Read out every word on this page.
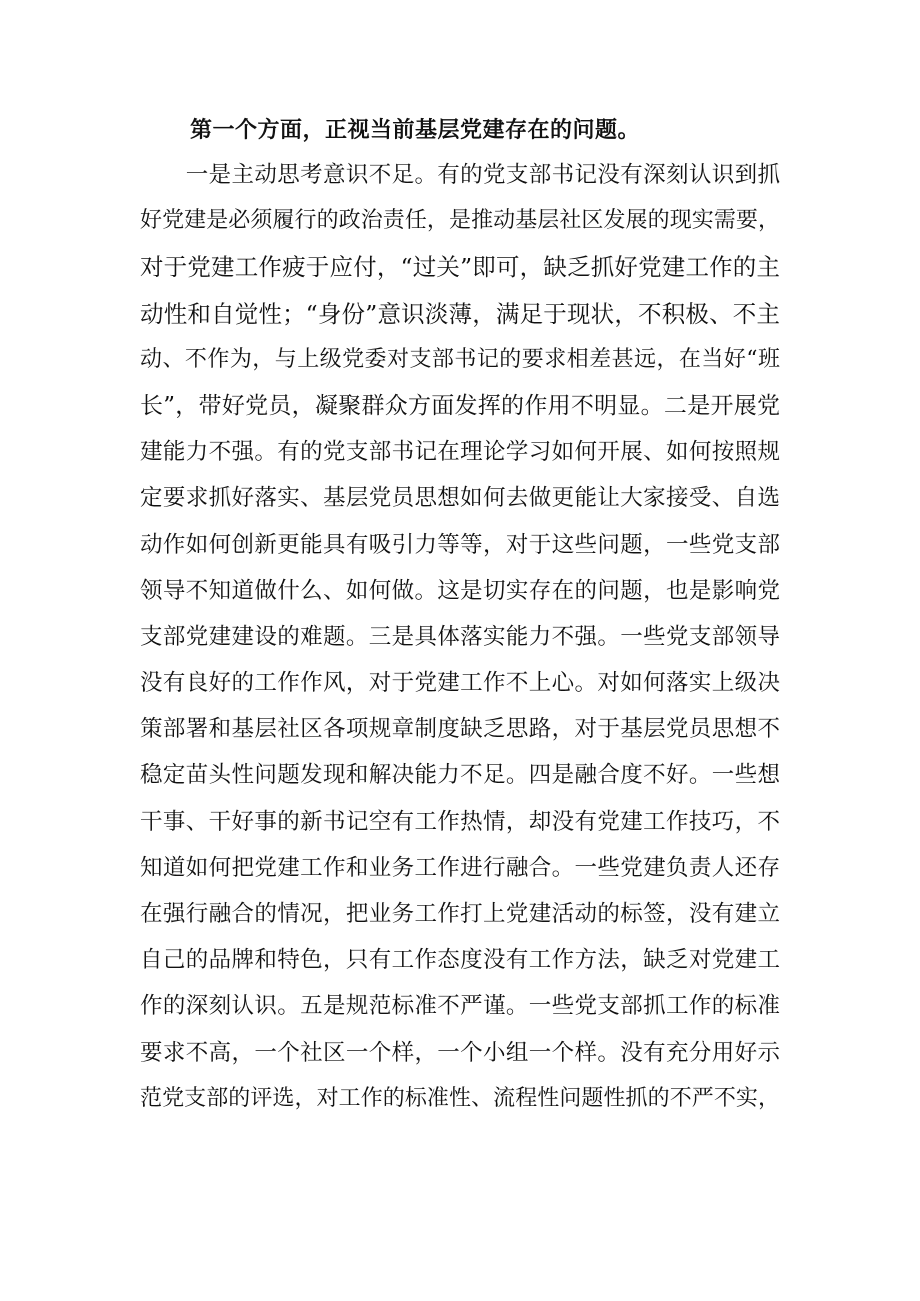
第一个方面，正视当前基层党建存在的问题。
　　一是主动思考意识不足。有的党支部书记没有深刻认识到抓
好党建是必须履行的政治责任，是推动基层社区发展的现实需要，
对于党建工作疲于应付，“过关”即可，缺乏抓好党建工作的主
动性和自觉性；“身份”意识淡薄，满足于现状，不积极、不主
动、不作为，与上级党委对支部书记的要求相差甚远，在当好“班
长”，带好党员，凝聚群众方面发挥的作用不明显。二是开展党
建能力不强。有的党支部书记在理论学习如何开展、如何按照规
定要求抓好落实、基层党员思想如何去做更能让大家接受、自选
动作如何创新更能具有吸引力等等，对于这些问题，一些党支部
领导不知道做什么、如何做。这是切实存在的问题，也是影响党
支部党建建设的难题。三是具体落实能力不强。一些党支部领导
没有良好的工作作风，对于党建工作不上心。对如何落实上级决
策部署和基层社区各项规章制度缺乏思路，对于基层党员思想不
稳定苗头性问题发现和解决能力不足。四是融合度不好。一些想
干事、干好事的新书记空有工作热情，却没有党建工作技巧，不
知道如何把党建工作和业务工作进行融合。一些党建负责人还存
在强行融合的情况，把业务工作打上党建活动的标签，没有建立
自己的品牌和特色，只有工作态度没有工作方法，缺乏对党建工
作的深刻认识。五是规范标准不严谨。一些党支部抓工作的标准
要求不高，一个社区一个样，一个小组一个样。没有充分用好示
范党支部的评选，对工作的标准性、流程性问题性抓的不严不实，
